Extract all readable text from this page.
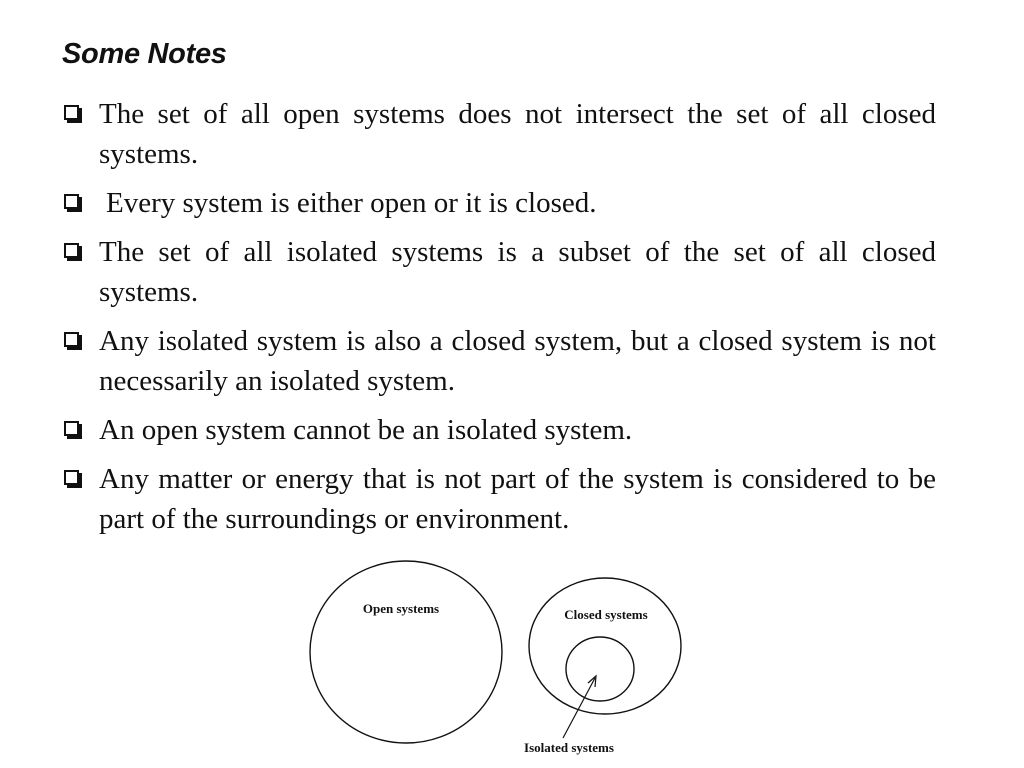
Some Notes
The set of all open systems does not intersect the set of all closed systems.
Every system is either open or it is closed.
The set of all isolated systems is a subset of the set of all closed systems.
Any isolated system is also a closed system, but a closed system is not necessarily an isolated system.
An open system cannot be an isolated system.
Any matter or energy that is not part of the system is considered to be part of the surroundings or environment.
Open systems	Closed systems
Isolated systems
